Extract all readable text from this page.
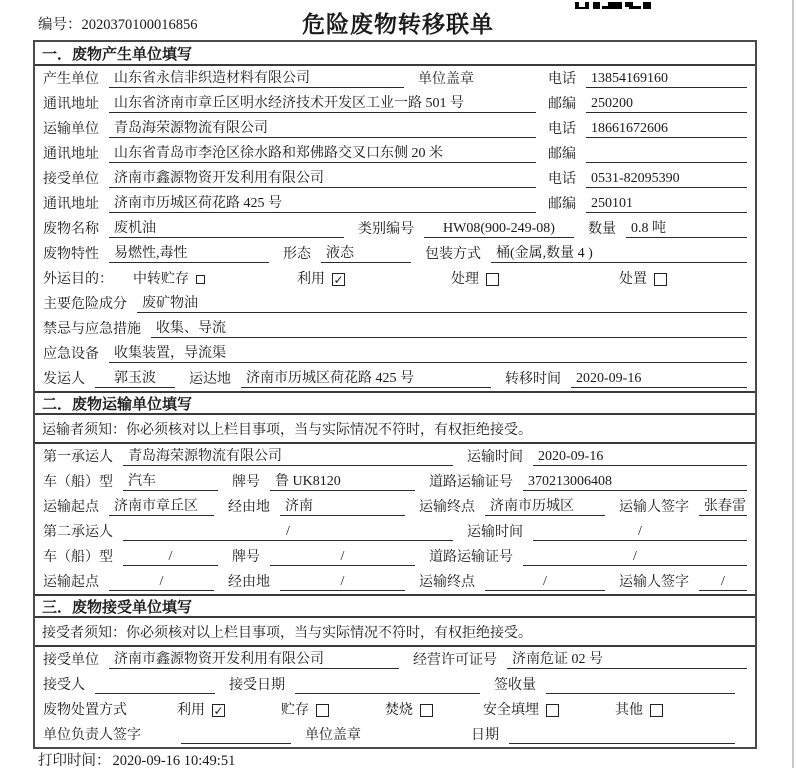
编号：2020370100016856	危险废物转移联单
一．废物产生单位填写
产生单位	山东省永信非织造材料有限公司	单位盖章	电话	13854169160
通讯地址	山东省济南市章丘区明水经济技术开发区工业一路 501 号	邮编	250200
运输单位	青岛海荣源物流有限公司	电话	18661672606
通讯地址	山东省青岛市李沧区徐水路和郑佛路交叉口东侧 20 米	邮编
接受单位	济南市鑫源物资开发利用有限公司	电话	0531-82095390
通讯地址	济南市历城区荷花路 425 号	邮编	250101
废物名称	废机油	类别编号	HW08(900-249-08)	数量	0.8 吨
废物特性	易燃性,毒性	形态	液态	包装方式	桶(金属,数量 4 )
外运目的： 中转贮存	利用 ✓	处理	处置
主要危险成分	废矿物油
禁忌与应急措施	收集、导流
应急设备	收集装置，导流渠
发运人	郭玉波	运达地	济南市历城区荷花路 425 号	转移时间	2020-09-16
二．废物运输单位填写
运输者须知： 你必须核对以上栏目事项，当与实际情况不符时，有权拒绝接受。
第一承运人	青岛海荣源物流有限公司	运输时间	2020-09-16
车（船）型	汽车	牌号	鲁 UK8120	道路运输证号	370213006408
运输起点	济南市章丘区	经由地	济南	运输终点	济南市历城区	运输人签字	张春雷
第二承运人	/	运输时间	/
车（船）型	/	牌号	/	道路运输证号	/
运输起点	/	经由地	/	运输终点	/	运输人签字	/
三．废物接受单位填写
接受者须知： 你必须核对以上栏目事项，当与实际情况不符时，有权拒绝接受。
接受单位	济南市鑫源物资开发利用有限公司	经营许可证号	济南危证 02 号
接受人	接受日期	签收量
废物处置方式	利用 ✓	贮存	焚烧	安全填埋	其他
单位负责人签字	单位盖章	日期
打印时间： 2020-09-16 10:49:51
